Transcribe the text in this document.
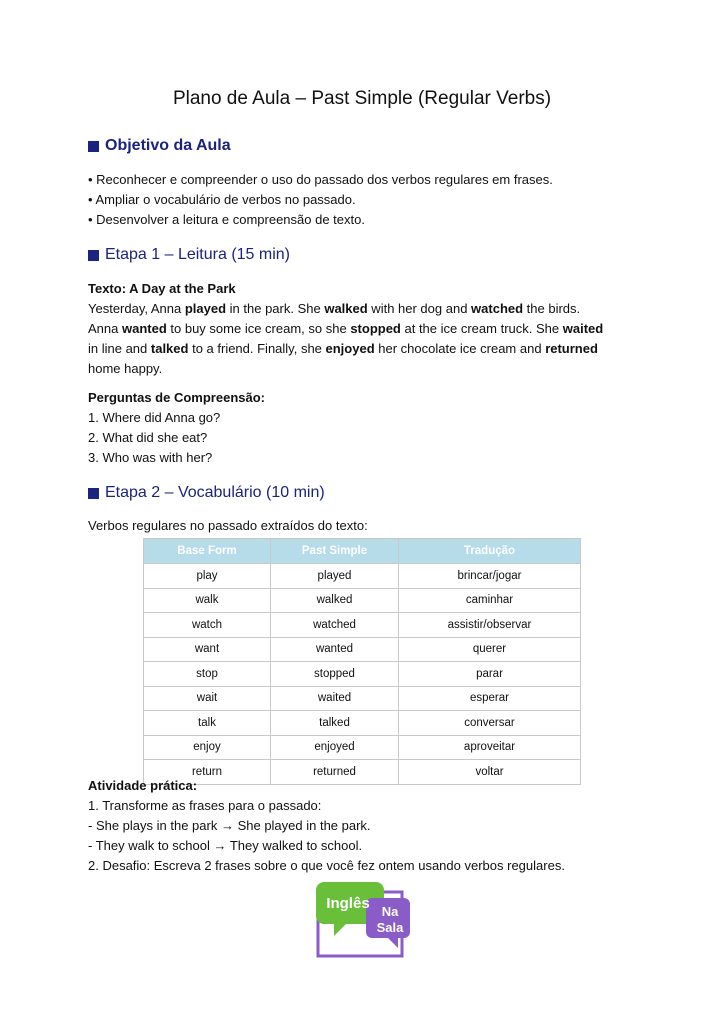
Plano de Aula – Past Simple (Regular Verbs)
Objetivo da Aula
• Reconhecer e compreender o uso do passado dos verbos regulares em frases.
• Ampliar o vocabulário de verbos no passado.
• Desenvolver a leitura e compreensão de texto.
Etapa 1 – Leitura (15 min)
Texto: A Day at the Park
Yesterday, Anna played in the park. She walked with her dog and watched the birds.
Anna wanted to buy some ice cream, so she stopped at the ice cream truck. She waited
in line and talked to a friend. Finally, she enjoyed her chocolate ice cream and returned
home happy.
Perguntas de Compreensão:
1. Where did Anna go?
2. What did she eat?
3. Who was with her?
Etapa 2 – Vocabulário (10 min)
Verbos regulares no passado extraídos do texto:
Base Form	Past Simple	Tradução
play	played	brincar/jogar
walk	walked	caminhar
watch	watched	assistir/observar
want	wanted	querer
stop	stopped	parar
wait	waited	esperar
talk	talked	conversar
enjoy	enjoyed	aproveitar
return	returned	voltar
Atividade prática:
1. Transforme as frases para o passado:
- She plays in the park → She played in the park.
- They walk to school → They walked to school.
2. Desafio: Escreva 2 frases sobre o que você fez ontem usando verbos regulares.
Inglês Na
Sala
